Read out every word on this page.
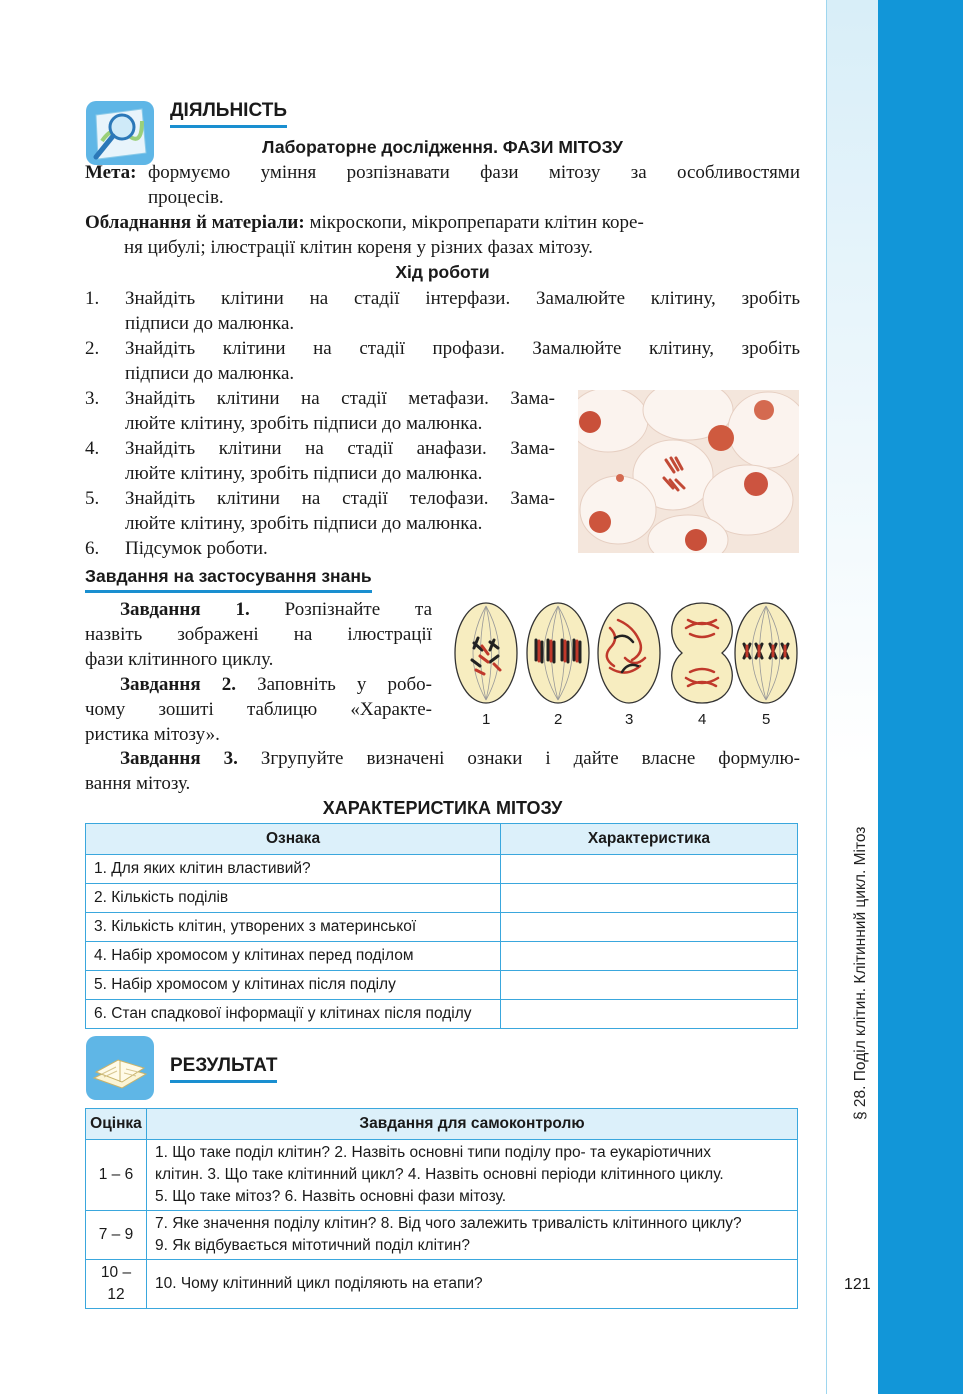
§ 28. Поділ клітин. Клітинний цикл. Мітоз
121
ДІЯЛЬНІСТЬ
Лабораторне дослідження. ФАЗИ МІТОЗУ
Мета: формуємо уміння розпізнавати фази мітозу за особливостями
процесів.
Обладнання й матеріали: мікроскопи, мікропрепарати клітин коре-
ня цибулі; ілюстрації клітин кореня у різних фазах мітозу.
Хід роботи
1. Знайдіть клітини на стадії інтерфази. Замалюйте клітину, зробіть
підписи до малюнка.
2. Знайдіть клітини на стадії профази. Замалюйте клітину, зробіть
підписи до малюнка.
3. Знайдіть клітини на стадії метафази. Зама-
люйте клітину, зробіть підписи до малюнка.
4. Знайдіть клітини на стадії анафази. Зама-
люйте клітину, зробіть підписи до малюнка.
5. Знайдіть клітини на стадії телофази. Зама-
люйте клітину, зробіть підписи до малюнка.
6. Підсумок роботи.
Завдання на застосування знань
Завдання 1. Розпізнайте та
назвіть зображені на ілюстрації
фази клітинного циклу.
Завдання 2. Заповніть у робо-
чому зошиті таблицю «Характе-
ристика мітозу».
1	2	3	4	5
Завдання 3. Згрупуйте визначені ознаки і дайте власне формулю-
вання мітозу.
ХАРАКТЕРИСТИКА МІТОЗУ
Ознака	Характеристика
1. Для яких клітин властивий?	
2. Кількість поділів	
3. Кількість клітин, утворених з материнської	
4. Набір хромосом у клітинах перед поділом	
5. Набір хромосом у клітинах після поділу	
6. Стан спадкової інформації у клітинах після поділу	
РЕЗУЛЬТАТ
Оцінка	Завдання для самоконтролю
1 – 6	1. Що таке поділ клітин? 2. Назвіть основні типи поділу про- та еукаріотичних
клітин. 3. Що таке клітинний цикл? 4. Назвіть основні періоди клітинного циклу.
5. Що таке мітоз? 6. Назвіть основні фази мітозу.

7 – 9	7. Яке значення поділу клітин? 8. Від чого залежить тривалість клітинного циклу?
9. Як відбувається мітотичний поділ клітин?

10 – 12	10. Чому клітинний цикл поділяють на етапи?
